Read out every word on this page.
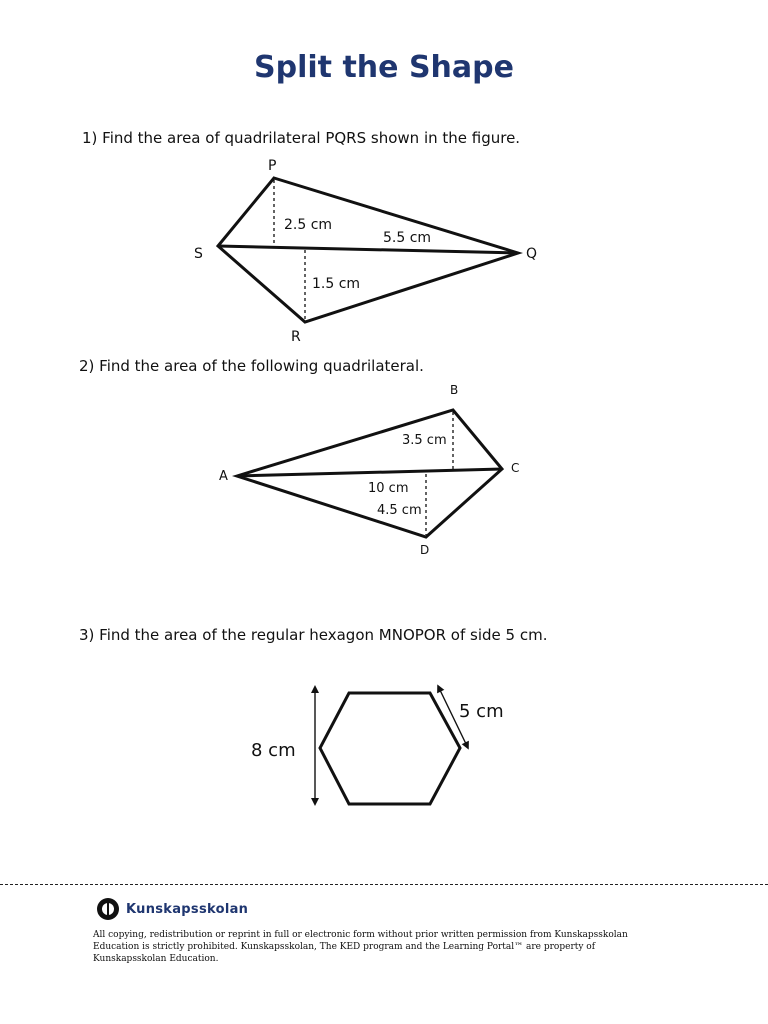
Split the Shape
1) Find the area of quadrilateral PQRS shown in the figure.
2) Find the area of the following quadrilateral.
3) Find the area of the regular hexagon MNOPOR of side 5 cm.
P
S	Q
R
2.5 cm
5.5 cm
1.5 cm
B
A
C
D
3.5 cm
10 cm
4.5 cm
8 cm
5 cm
Kunskapsskolan
All copying, redistribution or reprint in full or electronic form without prior written permission from Kunskapsskolan Education is strictly prohibited. Kunskapsskolan, The KED program and the Learning Portal™ are property of Kunskapsskolan Education.
